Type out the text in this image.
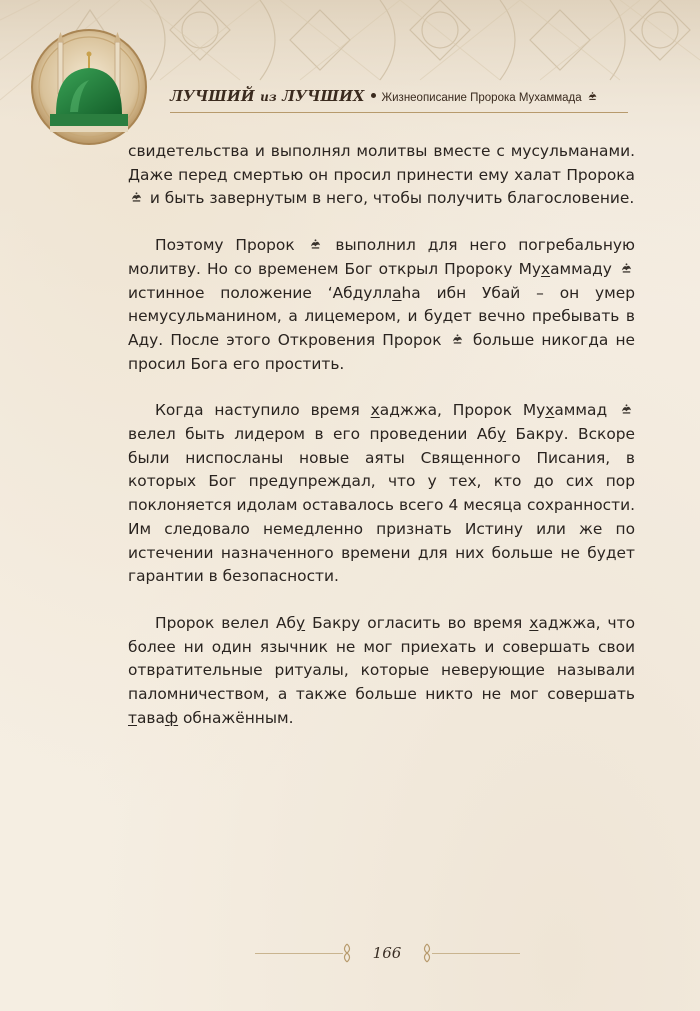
ЛУЧШИЙ из ЛУЧШИХ Жизнеописание Пророка Мухаммада

свидетельства и выполнял молитвы вместе с мусульманами. Даже перед смертью он просил принести ему халат Пророка  и быть завернутым в него, чтобы получить благословение.

Поэтому Пророк	выполнил для него погребальную молитву. Но со временем Бог открыл Пророку Мухаммаду  истинное положение ʻАбдуллаha ибн Убай – он умер немусульманином, а лицемером, и будет вечно пребывать в Аду. После этого Откровения Пророк больше никогда не просил Бога его простить.

Когда наступило время хаджжа, Пророк Мухаммад  велел быть лидером в его проведении Абу Бакру. Вскоре были ниспосланы новые аяты Священного Писания, в которых Бог предупреждал, что у тех, кто до сих пор поклоняется идолам оставалось всего 4 месяца сохранности. Им следовало немедленно признать Истину или же по истечении назначенного времени для них больше не будет гарантии в безопасности.

Пророк велел Абу Бакру огласить во время хаджжа, что более ни один язычник не мог приехать и совершать свои отвратительные ритуалы, которые неверующие называли паломничеством, а также больше никто не мог совершать таваф обнажённым.

166
